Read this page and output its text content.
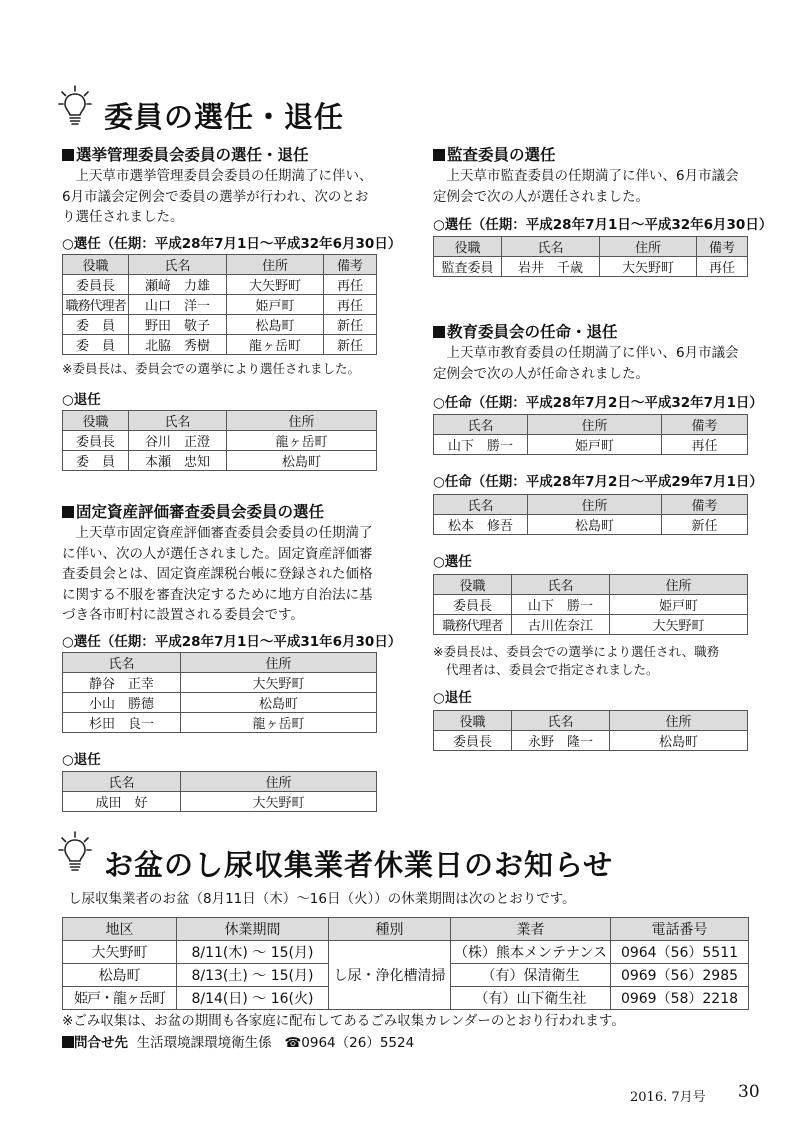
委員の選任・退任
選挙管理委員会委員の選任・退任
上天草市選挙管理委員会委員の任期満了に伴い、6月市議会定例会で委員の選挙が行われ、次のとおり選任されました。
○選任（任期：平成28年7月1日〜平成32年6月30日）
役職	氏名	住所	備考
委員長	瀬﨑　力雄	大矢野町	再任
職務代理者	山口　洋一	姫戸町	再任
委　員	野田　敬子	松島町	新任
委　員	北脇　秀樹	龍ヶ岳町	新任
※委員長は、委員会での選挙により選任されました。
○退任
役職	氏名	住所
委員長	谷川　正澄	龍ヶ岳町
委　員	本瀬　忠知	松島町
固定資産評価審査委員会委員の選任
上天草市固定資産評価審査委員会委員の任期満了に伴い、次の人が選任されました。固定資産評価審査委員会とは、固定資産課税台帳に登録された価格に関する不服を審査決定するために地方自治法に基づき各市町村に設置される委員会です。
○選任（任期：平成28年7月1日〜平成31年6月30日）
氏名	住所
静谷　正幸	大矢野町
小山　勝德	松島町
杉田　良一	龍ヶ岳町
○退任
氏名	住所
成田　好	大矢野町
監査委員の選任
上天草市監査委員の任期満了に伴い、6月市議会定例会で次の人が選任されました。
○選任（任期：平成28年7月1日〜平成32年6月30日）
役職	氏名	住所	備考
監査委員	岩井　千歳	大矢野町	再任
教育委員会の任命・退任
上天草市教育委員の任期満了に伴い、6月市議会定例会で次の人が任命されました。
○任命（任期：平成28年7月2日〜平成32年7月1日）
氏名	住所	備考
山下　勝一	姫戸町	再任
○任命（任期：平成28年7月2日〜平成29年7月1日）
氏名	住所	備考
松本　修吾	松島町	新任
○選任
役職	氏名	住所
委員長	山下　勝一	姫戸町
職務代理者	古川佐奈江	大矢野町
※委員長は、委員会での選挙により選任され、職務
代理者は、委員会で指定されました。
○退任
役職	氏名	住所
委員長	永野　隆一	松島町
お盆のし尿収集業者休業日のお知らせ
し尿収集業者のお盆（8月11日（木）〜16日（火））の休業期間は次のとおりです。
地区	休業期間	種別	業者	電話番号
大矢野町	8/11(木) 〜 15(月)	し尿・浄化槽清掃	（株）熊本メンテナンス	0964（56）5511
松島町	8/13(土) 〜 15(月)		（有）保清衛生	0969（56）2985
姫戸・龍ヶ岳町	8/14(日) 〜 16(火)		（有）山下衛生社	0969（58）2218
※ごみ収集は、お盆の期間も各家庭に配布してあるごみ収集カレンダーのとおり行われます。
問合せ先 生活環境課環境衛生係 ☎0964（26）5524
2016. 7月号 30
